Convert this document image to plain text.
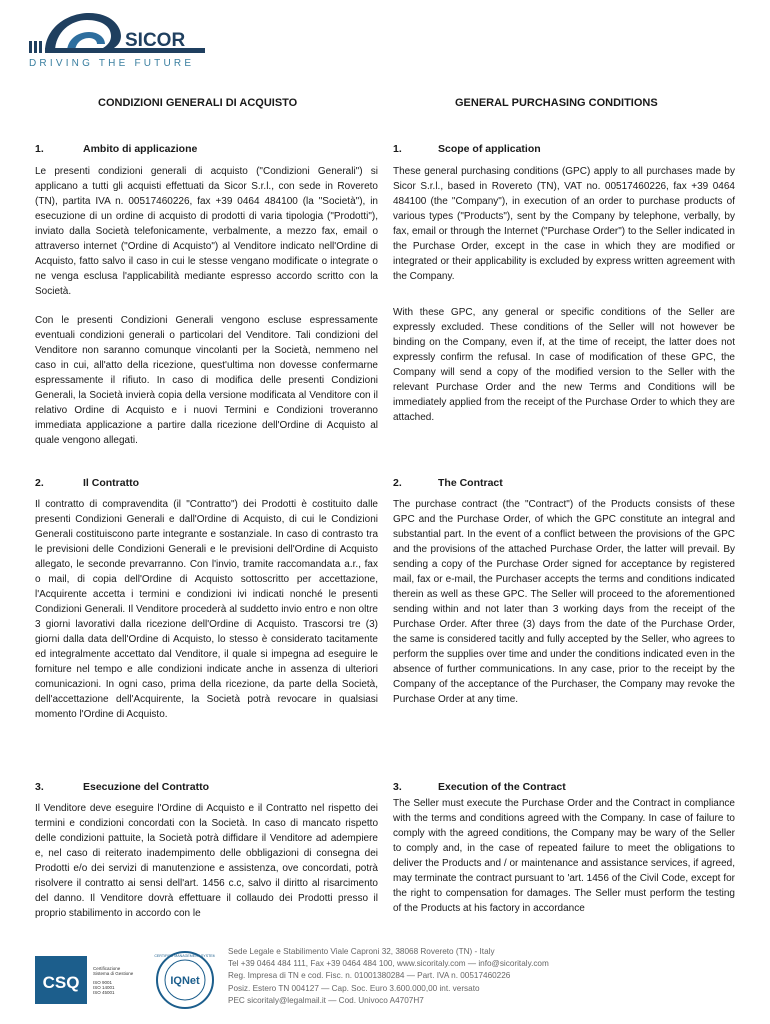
SICOR
DRIVING THE FUTURE
CONDIZIONI GENERALI DI ACQUISTO	GENERAL PURCHASING CONDITIONS
1.	Ambito di applicazione
Le presenti condizioni generali di acquisto ("Condizioni Generali") si applicano a tutti gli acquisti effettuati da Sicor S.r.l., con sede in Rovereto (TN), partita IVA n. 00517460226, fax +39 0464 484100 (la "Società"), in esecuzione di un ordine di acquisto di prodotti di varia tipologia ("Prodotti"), inviato dalla Società telefonicamente, verbalmente, a mezzo fax, email o attraverso internet ("Ordine di Acquisto") al Venditore indicato nell'Ordine di Acquisto, fatto salvo il caso in cui le stesse vengano modificate o integrate o ne venga esclusa l'applicabilità mediante espresso accordo scritto con la Società.
Con le presenti Condizioni Generali vengono escluse espressamente eventuali condizioni generali o particolari del Venditore. Tali condizioni del Venditore non saranno comunque vincolanti per la Società, nemmeno nel caso in cui, all'atto della ricezione, quest'ultima non dovesse confermarne espressamente il rifiuto. In caso di modifica delle presenti Condizioni Generali, la Società invierà copia della versione modificata al Venditore con il relativo Ordine di Acquisto e i nuovi Termini e Condizioni troveranno immediata applicazione a partire dalla ricezione dell'Ordine di Acquisto al quale vengono allegati.
2.	Il Contratto
Il contratto di compravendita (il "Contratto") dei Prodotti è costituito dalle presenti Condizioni Generali e dall'Ordine di Acquisto, di cui le Condizioni Generali costituiscono parte integrante e sostanziale. In caso di contrasto tra le previsioni delle Condizioni Generali e le previsioni dell'Ordine di Acquisto allegato, le seconde prevarranno. Con l'invio, tramite raccomandata a.r., fax o mail, di copia dell'Ordine di Acquisto sottoscritto per accettazione, l'Acquirente accetta i termini e condizioni ivi indicati nonché le presenti Condizioni Generali. Il Venditore procederà al suddetto invio entro e non oltre 3 giorni lavorativi dalla ricezione dell'Ordine di Acquisto. Trascorsi tre (3) giorni dalla data dell'Ordine di Acquisto, lo stesso è considerato tacitamente ed integralmente accettato dal Venditore, il quale si impegna ad eseguire le forniture nel tempo e alle condizioni indicate anche in assenza di ulteriori comunicazioni. In ogni caso, prima della ricezione, da parte della Società, dell'accettazione dell'Acquirente, la Società potrà revocare in qualsiasi momento l'Ordine di Acquisto.
3.	Esecuzione del Contratto
Il Venditore deve eseguire l'Ordine di Acquisto e il Contratto nel rispetto dei termini e condizioni concordati con la Società. In caso di mancato rispetto delle condizioni pattuite, la Società potrà diffidare il Venditore ad adempiere e, nel caso di reiterato inadempimento delle obbligazioni di consegna dei Prodotti e/o dei servizi di manutenzione e assistenza, ove concordati, potrà risolvere il contratto ai sensi dell'art. 1456 c.c, salvo il diritto al risarcimento del danno. Il Venditore dovrà effettuare il collaudo dei Prodotti presso il proprio stabilimento in accordo con le
1.	Scope of application
These general purchasing conditions (GPC) apply to all purchases made by Sicor S.r.l., based in Rovereto (TN), VAT no. 00517460226, fax +39 0464 484100 (the "Company"), in execution of an order to purchase products of various types ("Products"), sent by the Company by telephone, verbally, by fax, email or through the Internet ("Purchase Order") to the Seller indicated in the Purchase Order, except in the case in which they are modified or integrated or their applicability is excluded by express written agreement with the Company.
With these GPC, any general or specific conditions of the Seller are expressly excluded. These conditions of the Seller will not however be binding on the Company, even if, at the time of receipt, the latter does not expressly confirm the refusal. In case of modification of these GPC, the Company will send a copy of the modified version to the Seller with the relevant Purchase Order and the new Terms and Conditions will be immediately applied from the receipt of the Purchase Order to which they are attached.
2.	The Contract
The purchase contract (the "Contract") of the Products consists of these GPC and the Purchase Order, of which the GPC constitute an integral and substantial part. In the event of a conflict between the provisions of the GPC and the provisions of the attached Purchase Order, the latter will prevail. By sending a copy of the Purchase Order signed for acceptance by registered mail, fax or e-mail, the Purchaser accepts the terms and conditions indicated therein as well as these GPC. The Seller will proceed to the aforementioned sending within and not later than 3 working days from the receipt of the Purchase Order. After three (3) days from the date of the Purchase Order, the same is considered tacitly and fully accepted by the Seller, who agrees to perform the supplies over time and under the conditions indicated even in the absence of further communications. In any case, prior to the receipt by the Company of the acceptance of the Purchaser, the Company may revoke the Purchase Order at any time.
3.	Execution of the Contract
The Seller must execute the Purchase Order and the Contract in compliance with the terms and conditions agreed with the Company. In case of failure to comply with the agreed conditions, the Company may be wary of the Seller to comply and, in the case of repeated failure to meet the obligations to deliver the Products and / or maintenance and assistance services, if agreed, may terminate the contract pursuant to 'art. 1456 of the Civil Code, except for the right to compensation for damages. The Seller must perform the testing of the Products at his factory in accordance
CSQ
Certificazione
Sistema di Gestione
ISO 9001
ISO 14001
ISO 45001
IQNet
CERTIFIED MANAGEMENT SYSTEM Sede Legale e Stabilimento Viale Caproni 32, 38068 Rovereto (TN) - Italy
Tel +39 0464 484 111, Fax +39 0464 484 100, www.sicoritaly.com — info@sicoritaly.com
Reg. Impresa di TN e cod. Fisc. n. 01001380284 — Part. IVA n. 00517460226
Posiz. Estero TN 004127 — Cap. Soc. Euro 3.600.000,00 int. versato
PEC sicoritaly@legalmail.it — Cod. Univoco A4707H7
